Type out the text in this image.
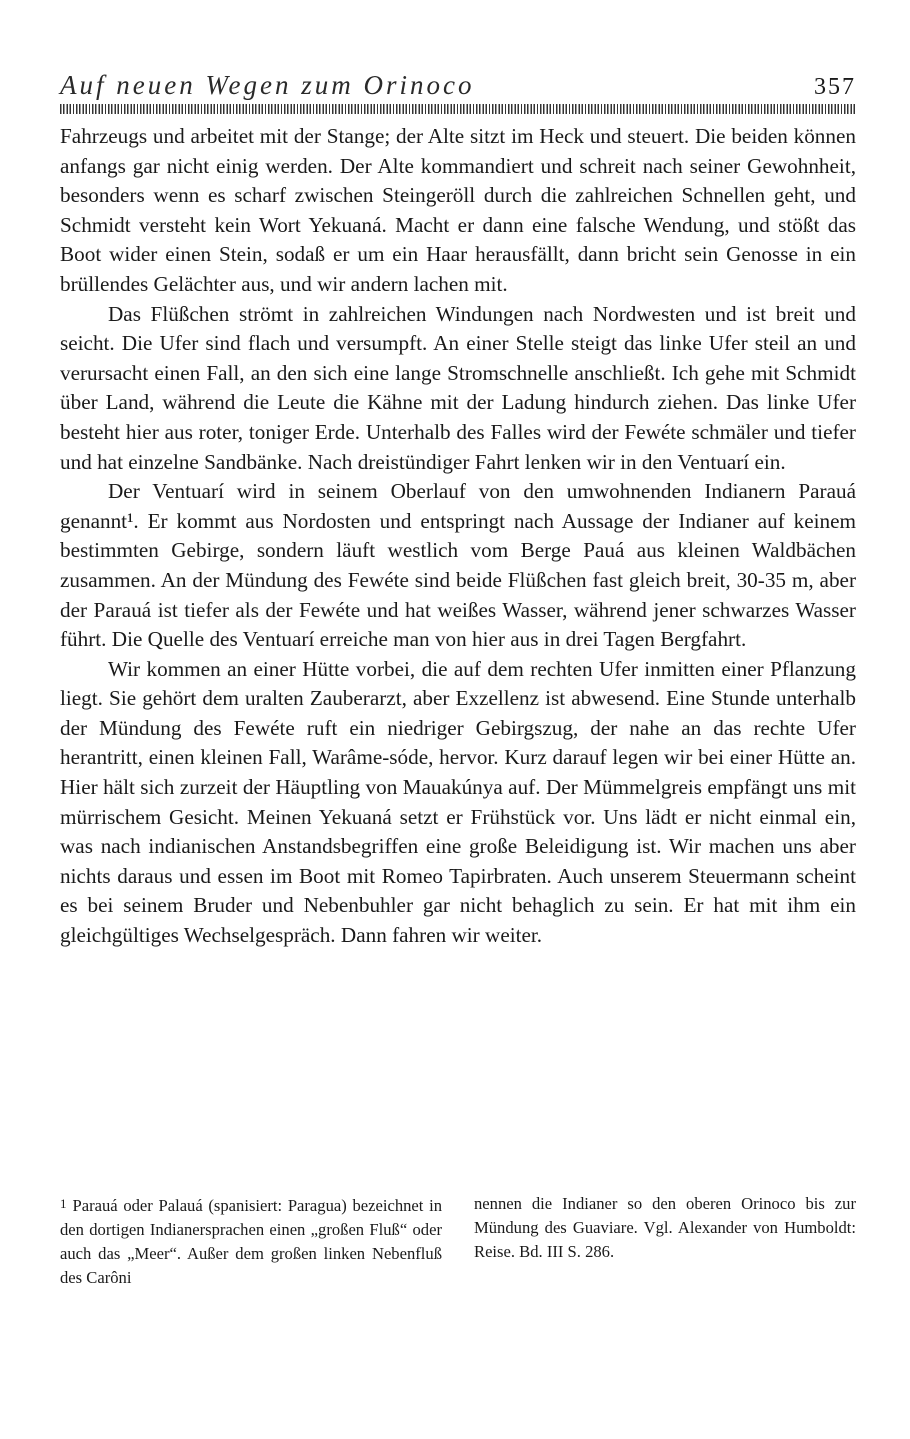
Auf neuen Wegen zum Orinoco	357

Fahrzeugs und arbeitet mit der Stange; der Alte sitzt im Heck und steuert. Die beiden können anfangs gar nicht einig werden. Der Alte kommandiert und schreit nach seiner Gewohnheit, besonders wenn es scharf zwischen Steingeröll durch die zahlreichen Schnellen geht, und Schmidt versteht kein Wort Yekuaná. Macht er dann eine falsche Wendung, und stößt das Boot wider einen Stein, sodaß er um ein Haar herausfällt, dann bricht sein Genosse in ein brüllendes Gelächter aus, und wir andern lachen mit.

Das Flüßchen strömt in zahlreichen Windungen nach Nordwesten und ist breit und seicht. Die Ufer sind flach und versumpft. An einer Stelle steigt das linke Ufer steil an und verursacht einen Fall, an den sich eine lange Stromschnelle anschließt. Ich gehe mit Schmidt über Land, während die Leute die Kähne mit der Ladung hindurch ziehen. Das linke Ufer besteht hier aus roter, toniger Erde. Unterhalb des Falles wird der Fewéte schmäler und tiefer und hat einzelne Sandbänke. Nach dreistündiger Fahrt lenken wir in den Ventuarí ein.

Der Ventuarí wird in seinem Oberlauf von den umwohnenden Indianern Parauá genannt¹. Er kommt aus Nordosten und entspringt nach Aussage der Indianer auf keinem bestimmten Gebirge, sondern läuft westlich vom Berge Pauá aus kleinen Waldbächen zusammen. An der Mündung des Fewéte sind beide Flüßchen fast gleich breit, 30-35 m, aber der Parauá ist tiefer als der Fewéte und hat weißes Wasser, während jener schwarzes Wasser führt. Die Quelle des Ventuarí erreiche man von hier aus in drei Tagen Bergfahrt.

Wir kommen an einer Hütte vorbei, die auf dem rechten Ufer inmitten einer Pflanzung liegt. Sie gehört dem uralten Zauberarzt, aber Exzellenz ist abwesend. Eine Stunde unterhalb der Mündung des Fewéte ruft ein niedriger Gebirgszug, der nahe an das rechte Ufer herantritt, einen kleinen Fall, Warâme-sóde, hervor. Kurz darauf legen wir bei einer Hütte an. Hier hält sich zurzeit der Häuptling von Mauakúnya auf. Der Mümmelgreis empfängt uns mit mürrischem Gesicht. Meinen Yekuaná setzt er Frühstück vor. Uns lädt er nicht einmal ein, was nach indianischen Anstandsbegriffen eine große Beleidigung ist. Wir machen uns aber nichts daraus und essen im Boot mit Romeo Tapirbraten. Auch unserem Steuermann scheint es bei seinem Bruder und Nebenbuhler gar nicht behaglich zu sein. Er hat mit ihm ein gleichgültiges Wechselgespräch. Dann fahren wir weiter.

1 Parauá oder Palauá (spanisiert: Paragua) bezeichnet in den dortigen Indianersprachen einen „großen Fluß“ oder auch das „Meer“. Außer dem großen linken Nebenfluß des Carôni
nennen die Indianer so den oberen Orinoco bis zur Mündung des Guaviare. Vgl. Alexander von Humboldt: Reise. Bd. III S. 286.
